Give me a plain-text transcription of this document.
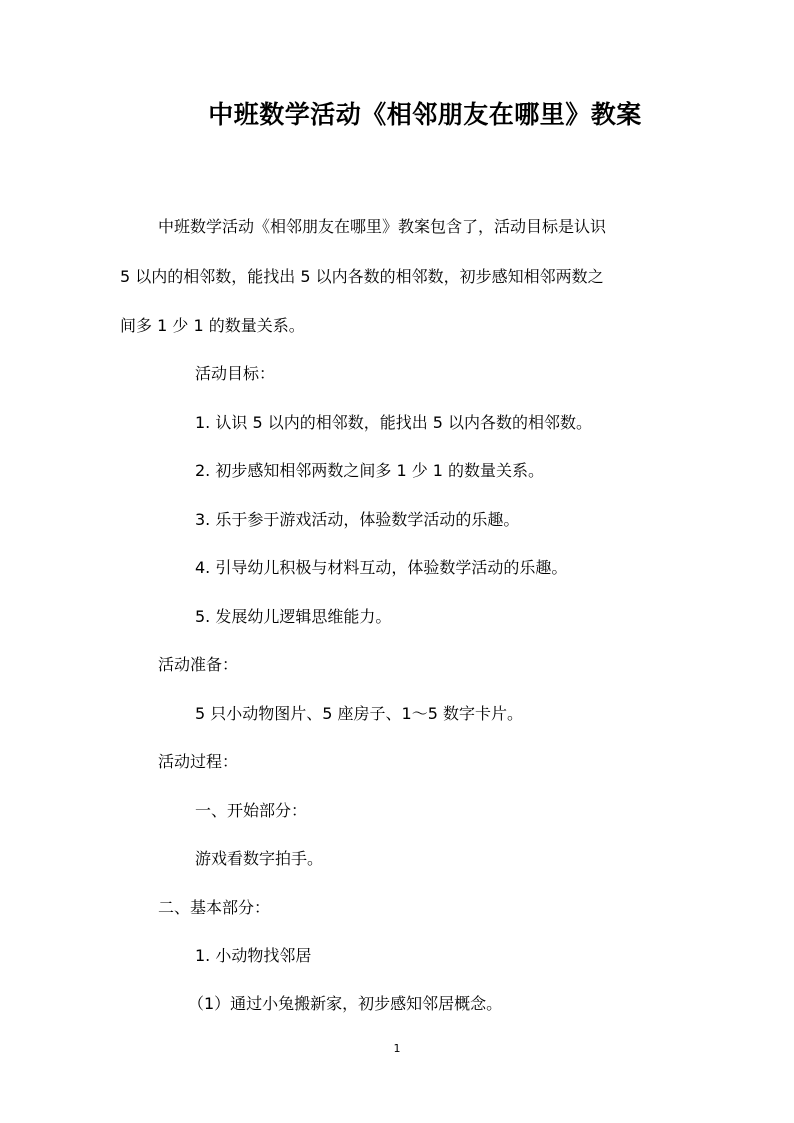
中班数学活动《相邻朋友在哪里》教案
中班数学活动《相邻朋友在哪里》教案包含了，活动目标是认识
5 以内的相邻数，能找出 5 以内各数的相邻数，初步感知相邻两数之
间多 1 少 1 的数量关系。
活动目标：
1. 认识 5 以内的相邻数，能找出 5 以内各数的相邻数。
2. 初步感知相邻两数之间多 1 少 1 的数量关系。
3. 乐于参于游戏活动，体验数学活动的乐趣。
4. 引导幼儿积极与材料互动，体验数学活动的乐趣。
5. 发展幼儿逻辑思维能力。
活动准备：
5 只小动物图片、5 座房子、1～5 数字卡片。
活动过程：
一、开始部分：
游戏看数字拍手。
二、基本部分：
1. 小动物找邻居
（1）通过小兔搬新家，初步感知邻居概念。
1
